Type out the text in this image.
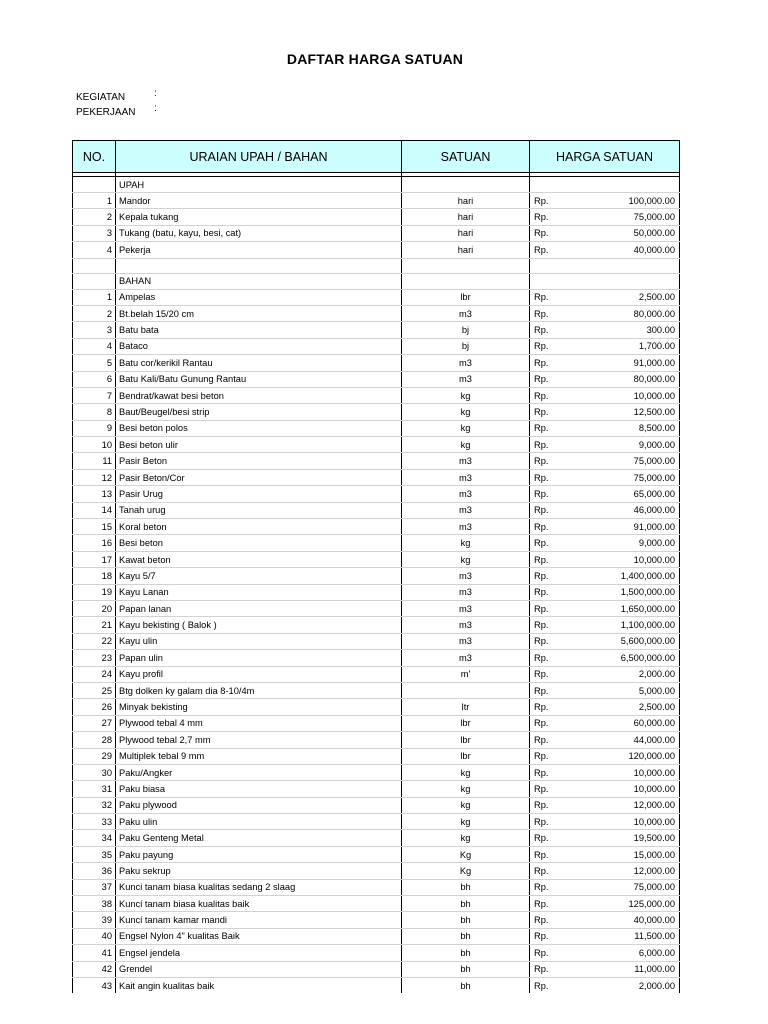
DAFTAR HARGA SATUAN
KEGIATAN	:
PEKERJAAN :
NO.	URAIAN UPAH / BAHAN	SATUAN	HARGA SATUAN	

	UPAH			
1	Mandor	hari	Rp.	100,000.00
2	Kepala tukang	hari	Rp.	75,000.00
3	Tukang (batu, kayu, besi, cat)	hari	Rp.	50,000.00
4	Pekerja	hari	Rp.	40,000.00

	BAHAN			
1	Ampelas	lbr	Rp.	2,500.00
2	Bt.belah 15/20 cm	m3	Rp.	80,000.00
3	Batu bata	bj	Rp.	300.00
4	Bataco	bj	Rp.	1,700.00
5	Batu cor/kerikil Rantau	m3	Rp.	91,000.00
6	Batu Kali/Batu Gunung Rantau	m3	Rp.	80,000.00
7	Bendrat/kawat besi beton	kg	Rp.	10,000.00
8	Baut/Beugel/besi strip	kg	Rp.	12,500.00
9	Besi beton polos	kg	Rp.	8,500.00
10	Besi beton ulir	kg	Rp.	9,000.00
11	Pasir Beton	m3	Rp.	75,000.00
12	Pasir Beton/Cor	m3	Rp.	75,000.00
13	Pasir Urug	m3	Rp.	65,000.00
14	Tanah urug	m3	Rp.	46,000.00
15	Koral beton	m3	Rp.	91,000.00
16	Besi beton	kg	Rp.	9,000.00
17	Kawat beton	kg	Rp.	10,000.00
18	Kayu 5/7	m3	Rp.	1,400,000.00
19	Kayu Lanan	m3	Rp.	1,500,000.00
20	Papan lanan	m3	Rp.	1,650,000.00
21	Kayu bekisting ( Balok )	m3	Rp.	1,100,000.00
22	Kayu ulin	m3	Rp.	5,600,000.00
23	Papan ulin	m3	Rp.	6,500,000.00
24	Kayu profil	m'	Rp.	2,000.00
25	Btg dolken ky galam dia 8-10/4m		Rp.	5,000.00
26	Minyak bekisting	ltr	Rp.	2,500.00
27	Plywood tebal 4 mm	lbr	Rp.	60,000.00
28	Plywood tebal 2,7 mm	lbr	Rp.	44,000.00
29	Multiplek tebal 9 mm	lbr	Rp.	120,000.00
30	Paku/Angker	kg	Rp.	10,000.00
31	Paku biasa	kg	Rp.	10,000.00
32	Paku plywood	kg	Rp.	12,000.00
33	Paku ulin	kg	Rp.	10,000.00
34	Paku Genteng Metal	kg	Rp.	19,500.00
35	Paku payung	Kg	Rp.	15,000.00
36	Paku sekrup	Kg	Rp.	12,000.00
37	Kunci tanam biasa kualitas sedang 2 slaag	bh	Rp.	75,000.00
38	Kunci tanam biasa kualitas baik	bh	Rp.	125,000.00
39	Kunci tanam kamar mandi	bh	Rp.	40,000.00
40	Engsel Nylon 4" kualitas Baik	bh	Rp.	11,500.00
41	Engsel jendela	bh	Rp.	6,000.00
42	Grendel	bh	Rp.	11,000.00
43	Kait angin kualitas baik	bh	Rp.	2,000.00
